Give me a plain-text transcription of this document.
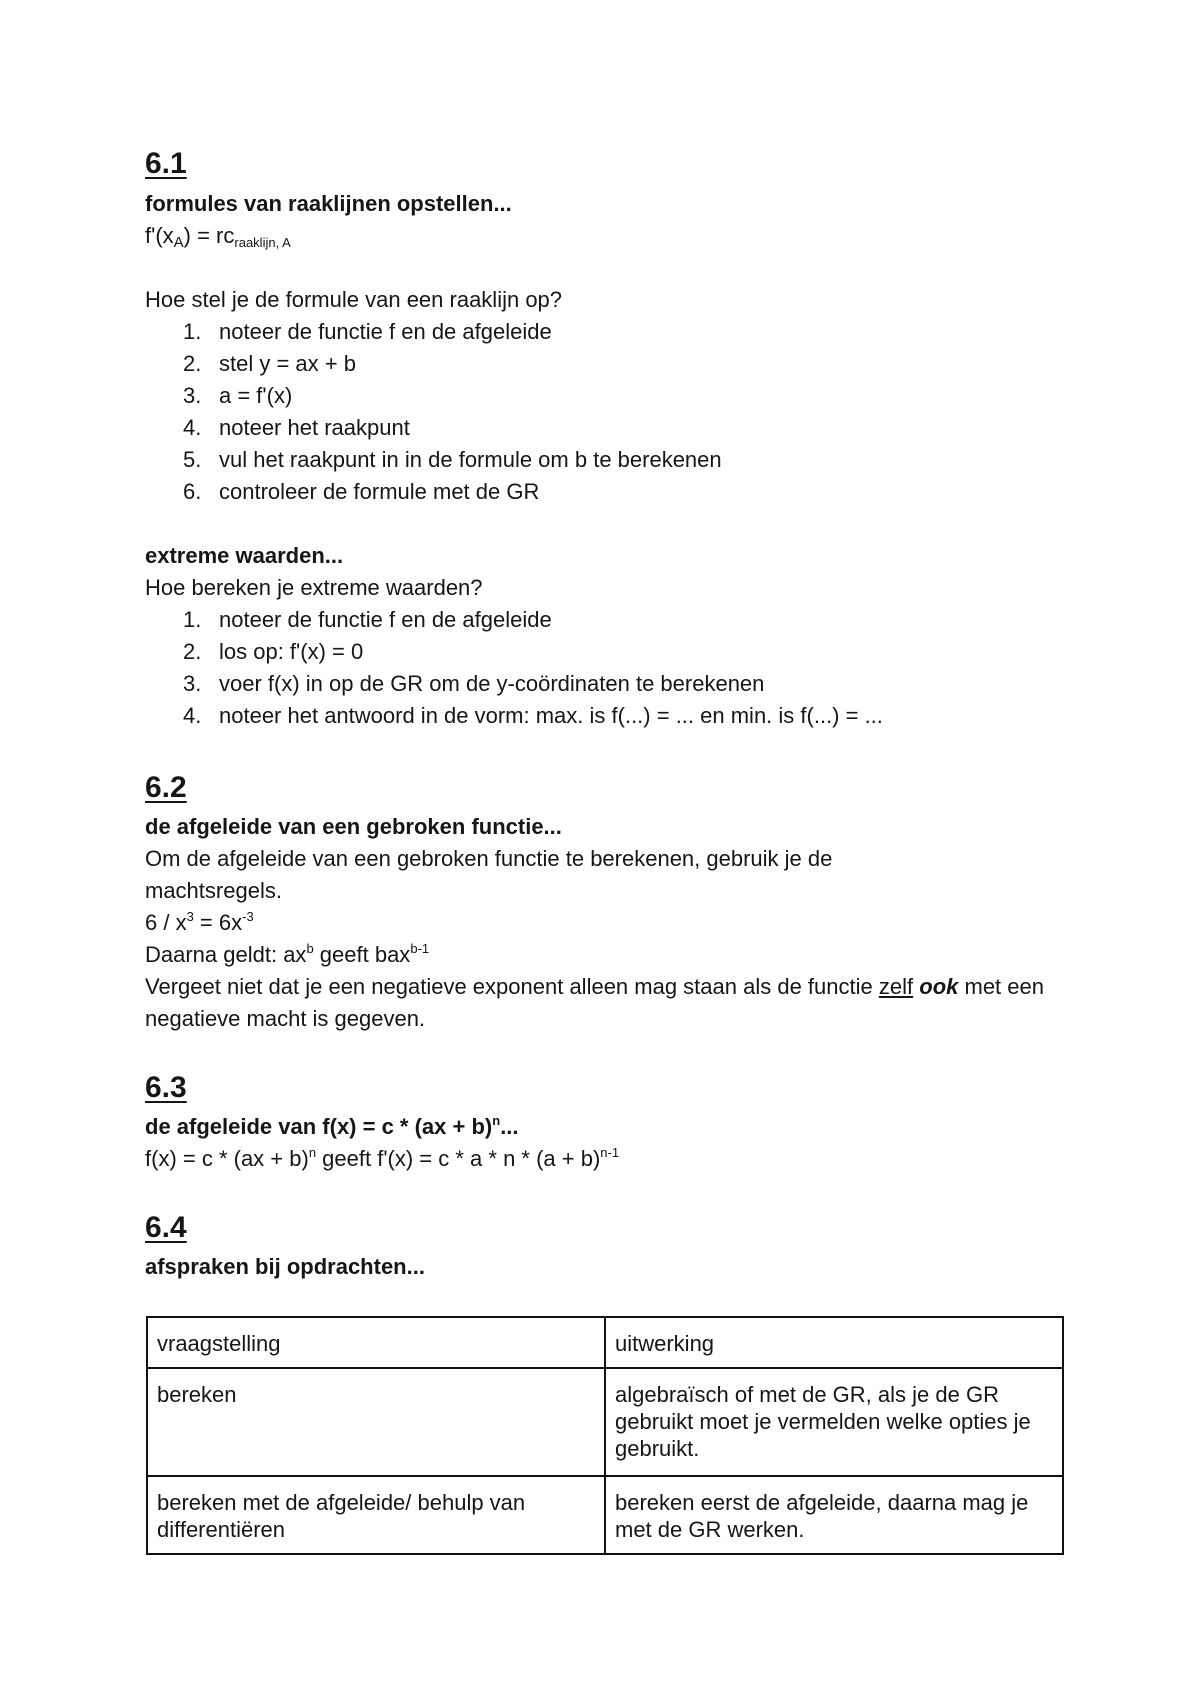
6.1
formules van raaklijnen opstellen...
$f'(x_A) = rc_{raaklijn, A}$
Hoe stel je de formule van een raaklijn op?
1. noteer de functie f en de afgeleide
2. stel y = ax + b
3. a = f'(x)
4. noteer het raakpunt
5. vul het raakpunt in in de formule om b te berekenen
6. controleer de formule met de GR
extreme waarden...
Hoe bereken je extreme waarden?
1. noteer de functie f en de afgeleide
2. los op: f'(x) = 0
3. voer f(x) in op de GR om de y-coördinaten te berekenen
4. noteer het antwoord in de vorm: max. is f(...) = ... en min. is f(...) = ...
6.2
de afgeleide van een gebroken functie...
Om de afgeleide van een gebroken functie te berekenen, gebruik je de machtsregels.
$6 / x^3 = 6x^{-3}$
Daarna geldt: $ax^b$ geeft bax$^{b-1}$
Vergeet niet dat je een negatieve exponent alleen mag staan als de functie zelf ook met een negatieve macht is gegeven.
6.3
de afgeleide van f(x) = c * (ax + b)$^n$...
f(x) = c * (ax + b)$^n$ geeft $f'(x) = c * a * n * (a + b)^{n-1}$
6.4
afspraken bij opdrachten...
vraagstelling	uitwerking
bereken	algebraïsch of met de GR, als je de GR gebruikt moet je vermelden welke opties je gebruikt.
bereken met de afgeleide/ behulp van differentiëren	bereken eerst de afgeleide, daarna mag je met de GR werken.
